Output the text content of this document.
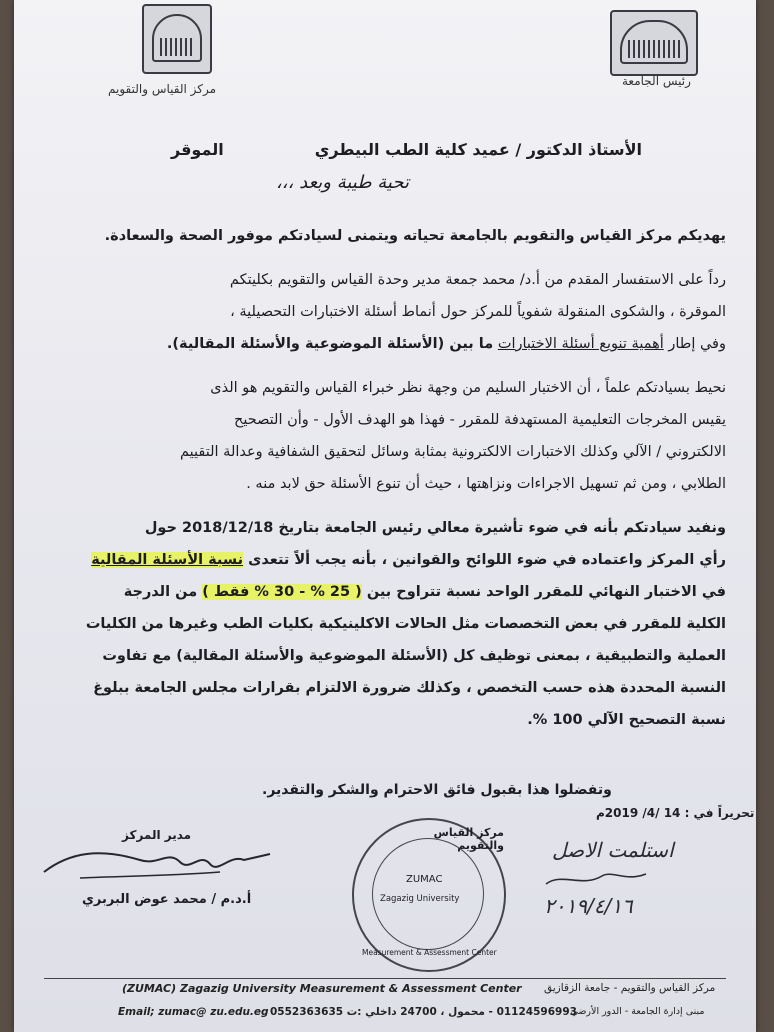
مركز القياس والتقويم
رئيس الجامعة
الأستاذ الدكتور / عميد كلية الطب البيطري
الموقر
تحية طيبة وبعد ،،،
يهديكم مركز القياس والتقويم بالجامعة تحياته ويتمنى لسيادتكم موفور الصحة والسعادة.
رداً على الاستفسار المقدم من أ.د/ محمد جمعة مدير وحدة القياس والتقويم بكليتكم
الموقرة ، والشكوى المنقولة شفوياً للمركز حول أنماط أسئلة الاختبارات التحصيلية ،
وفي إطار أهمية تنويع أسئلة الاختبارات ما بين (الأسئلة الموضوعية والأسئلة المقالية).
نحيط بسيادتكم علماً ، أن الاختبار السليم من وجهة نظر خبراء القياس والتقويم هو الذى
يقيس المخرجات التعليمية المستهدفة للمقرر - فهذا هو الهدف الأول - وأن التصحيح
الالكتروني / الآلي وكذلك الاختبارات الالكترونية بمثابة وسائل لتحقيق الشفافية وعدالة التقييم
الطلابي ، ومن ثم تسهيل الاجراءات ونزاهتها ، حيث أن تنوع الأسئلة حق لابد منه .
ونفيد سيادتكم بأنه في ضوء تأشيرة معالي رئيس الجامعة بتاريخ 2018/12/18 حول
رأي المركز واعتماده في ضوء اللوائح والقوانين ، بأنه يجب ألاً تتعدى نسبة الأسئلة المقالية
في الاختبار النهائي للمقرر الواحد نسبة تتراوح بين ( 25 % - 30 % فقط ) من الدرجة
الكلية للمقرر في بعض التخصصات مثل الحالات الاكلينيكية بكليات الطب وغيرها من الكليات
العملية والتطبيقية ، بمعنى توظيف كل (الأسئلة الموضوعية والأسئلة المقالية) مع تفاوت
النسبة المحددة هذه حسب التخصص ، وكذلك ضرورة الالتزام بقرارات مجلس الجامعة ببلوغ
نسبة التصحيح الآلي 100 %.
وتفضلوا هذا بقبول فائق الاحترام والشكر والتقدير.
تحريراً في : 14 /4/ 2019م
مدير المركز
أ.د.م / محمد عوض البربري
مركز القياس والتقويم
ZUMAC
Zagazig University
Measurement & Assessment Center
استلمت الاصل
٢٠١٩/٤/١٦
(ZUMAC) Zagazig University Measurement & Assessment Center مركز القياس والتقويم - جامعة الزقازيق
Email; zumac@ zu.edu.eg 01124596993 - محمول ، 24700 داخلي :ت 0552363635
مبنى إدارة الجامعة - الدور الأرضي -
